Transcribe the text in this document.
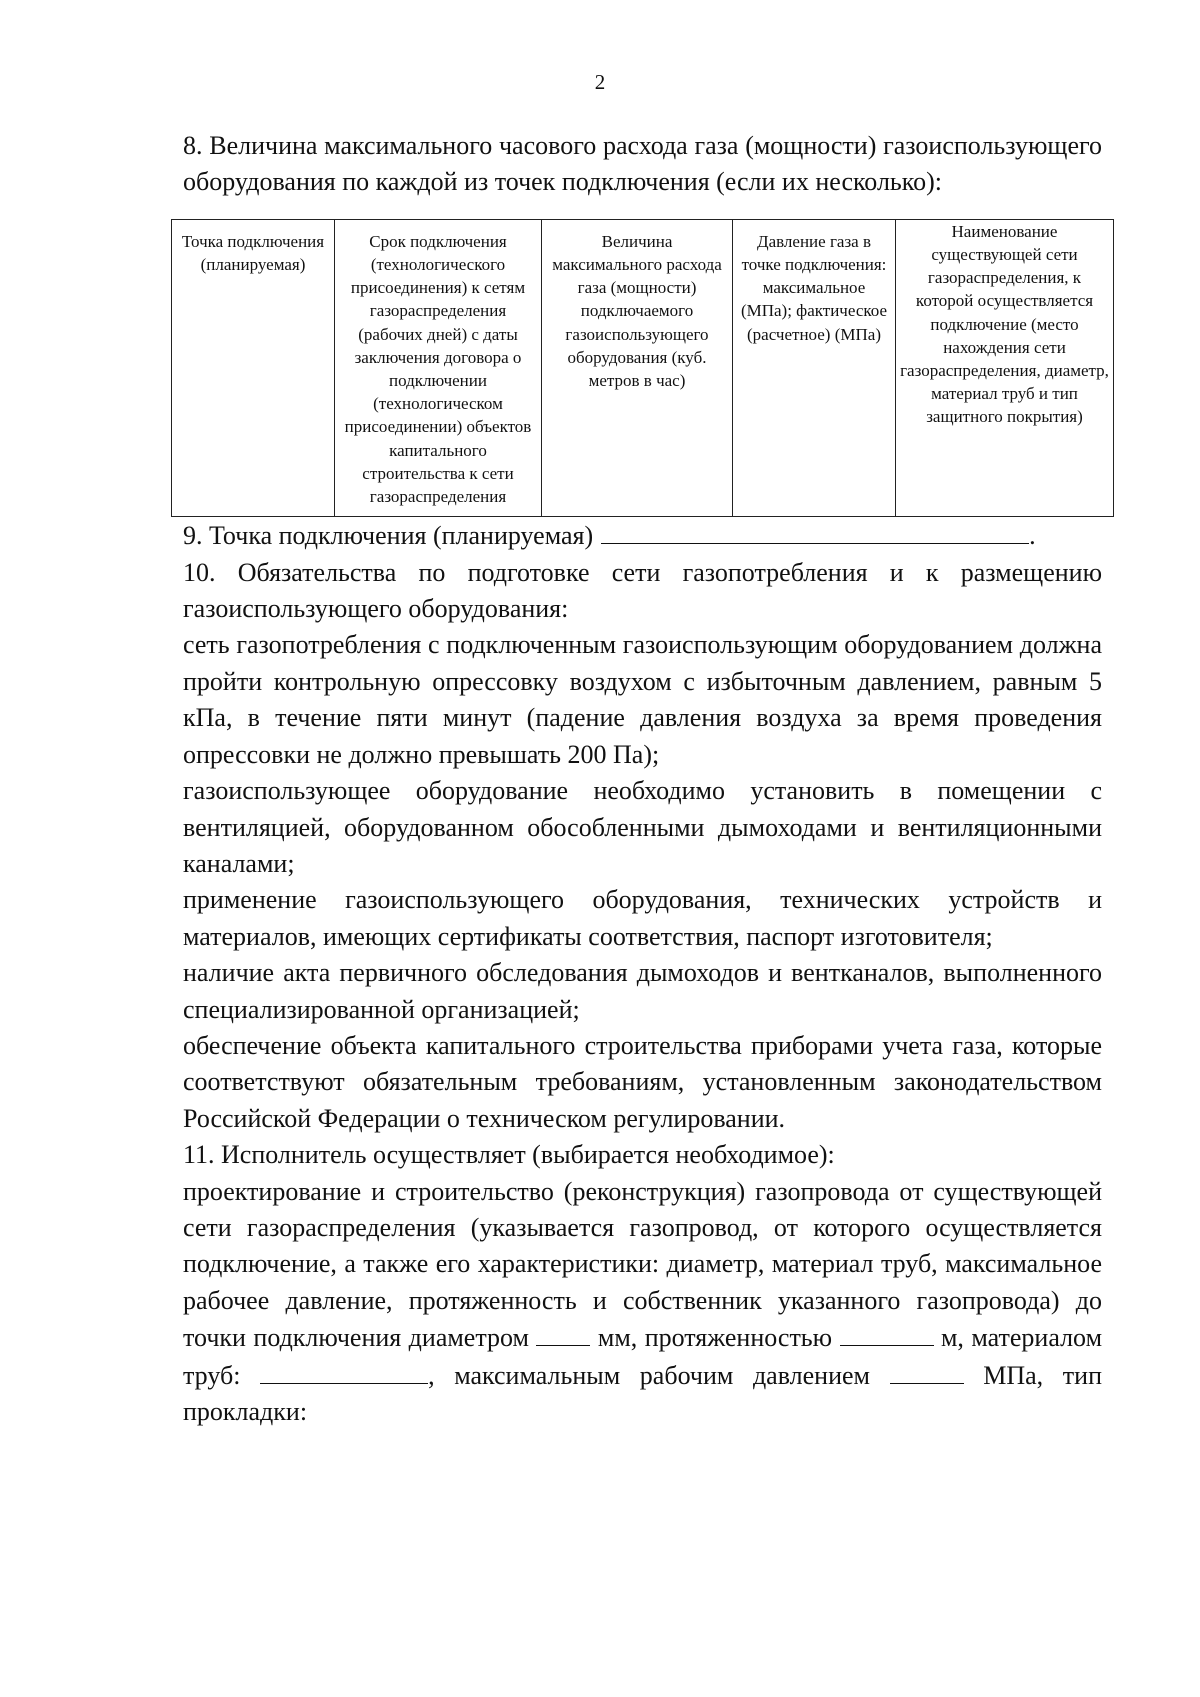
2

8. Величина максимального часового расхода газа (мощности) газоиспользующего оборудования по каждой из точек подключения (если их несколько):

Точка подключения (планируемая)	Срок подключения (технологического присоединения) к сетям газораспределения (рабочих дней) с даты заключения договора о подключении (технологическом присоединении) объектов капитального строительства к сети газораспределения	Величина максимального расхода газа (мощности) подключаемого газоиспользующего оборудования (куб. метров в час)	Давление газа в точке подключения: максимальное (МПа); фактическое (расчетное) (МПа)	Наименование существующей сети газораспределения, к которой осуществляется подключение (место нахождения сети газораспределения, диаметр, материал труб и тип защитного покрытия)

9. Точка подключения (планируемая)	.

10. Обязательства по подготовке сети газопотребления и к размещению газоиспользующего оборудования:

сеть газопотребления с подключенным газоиспользующим оборудованием должна пройти контрольную опрессовку воздухом с избыточным давлением, равным 5 кПа, в течение пяти минут (падение давления воздуха за время проведения опрессовки не должно превышать 200 Па);

газоиспользующее оборудование необходимо установить в помещении с вентиляцией, оборудованном обособленными дымоходами и вентиляционными каналами;

применение газоиспользующего оборудования, технических устройств и материалов, имеющих сертификаты соответствия, паспорт изготовителя;

наличие акта первичного обследования дымоходов и вентканалов, выполненного специализированной организацией;

обеспечение объекта капитального строительства приборами учета газа, которые соответствуют обязательным требованиям, установленным законодательством Российской Федерации о техническом регулировании.

11. Исполнитель осуществляет (выбирается необходимое):

проектирование и строительство (реконструкция) газопровода от существующей сети газораспределения (указывается газопровод, от которого осуществляется подключение, а также его характеристики: диаметр, материал труб, максимальное рабочее давление, протяженность и собственник указанного газопровода) до точки подключения диаметром	мм, протяженностью	м, материалом труб:	, максимальным рабочим давлением	МПа, тип прокладки:
